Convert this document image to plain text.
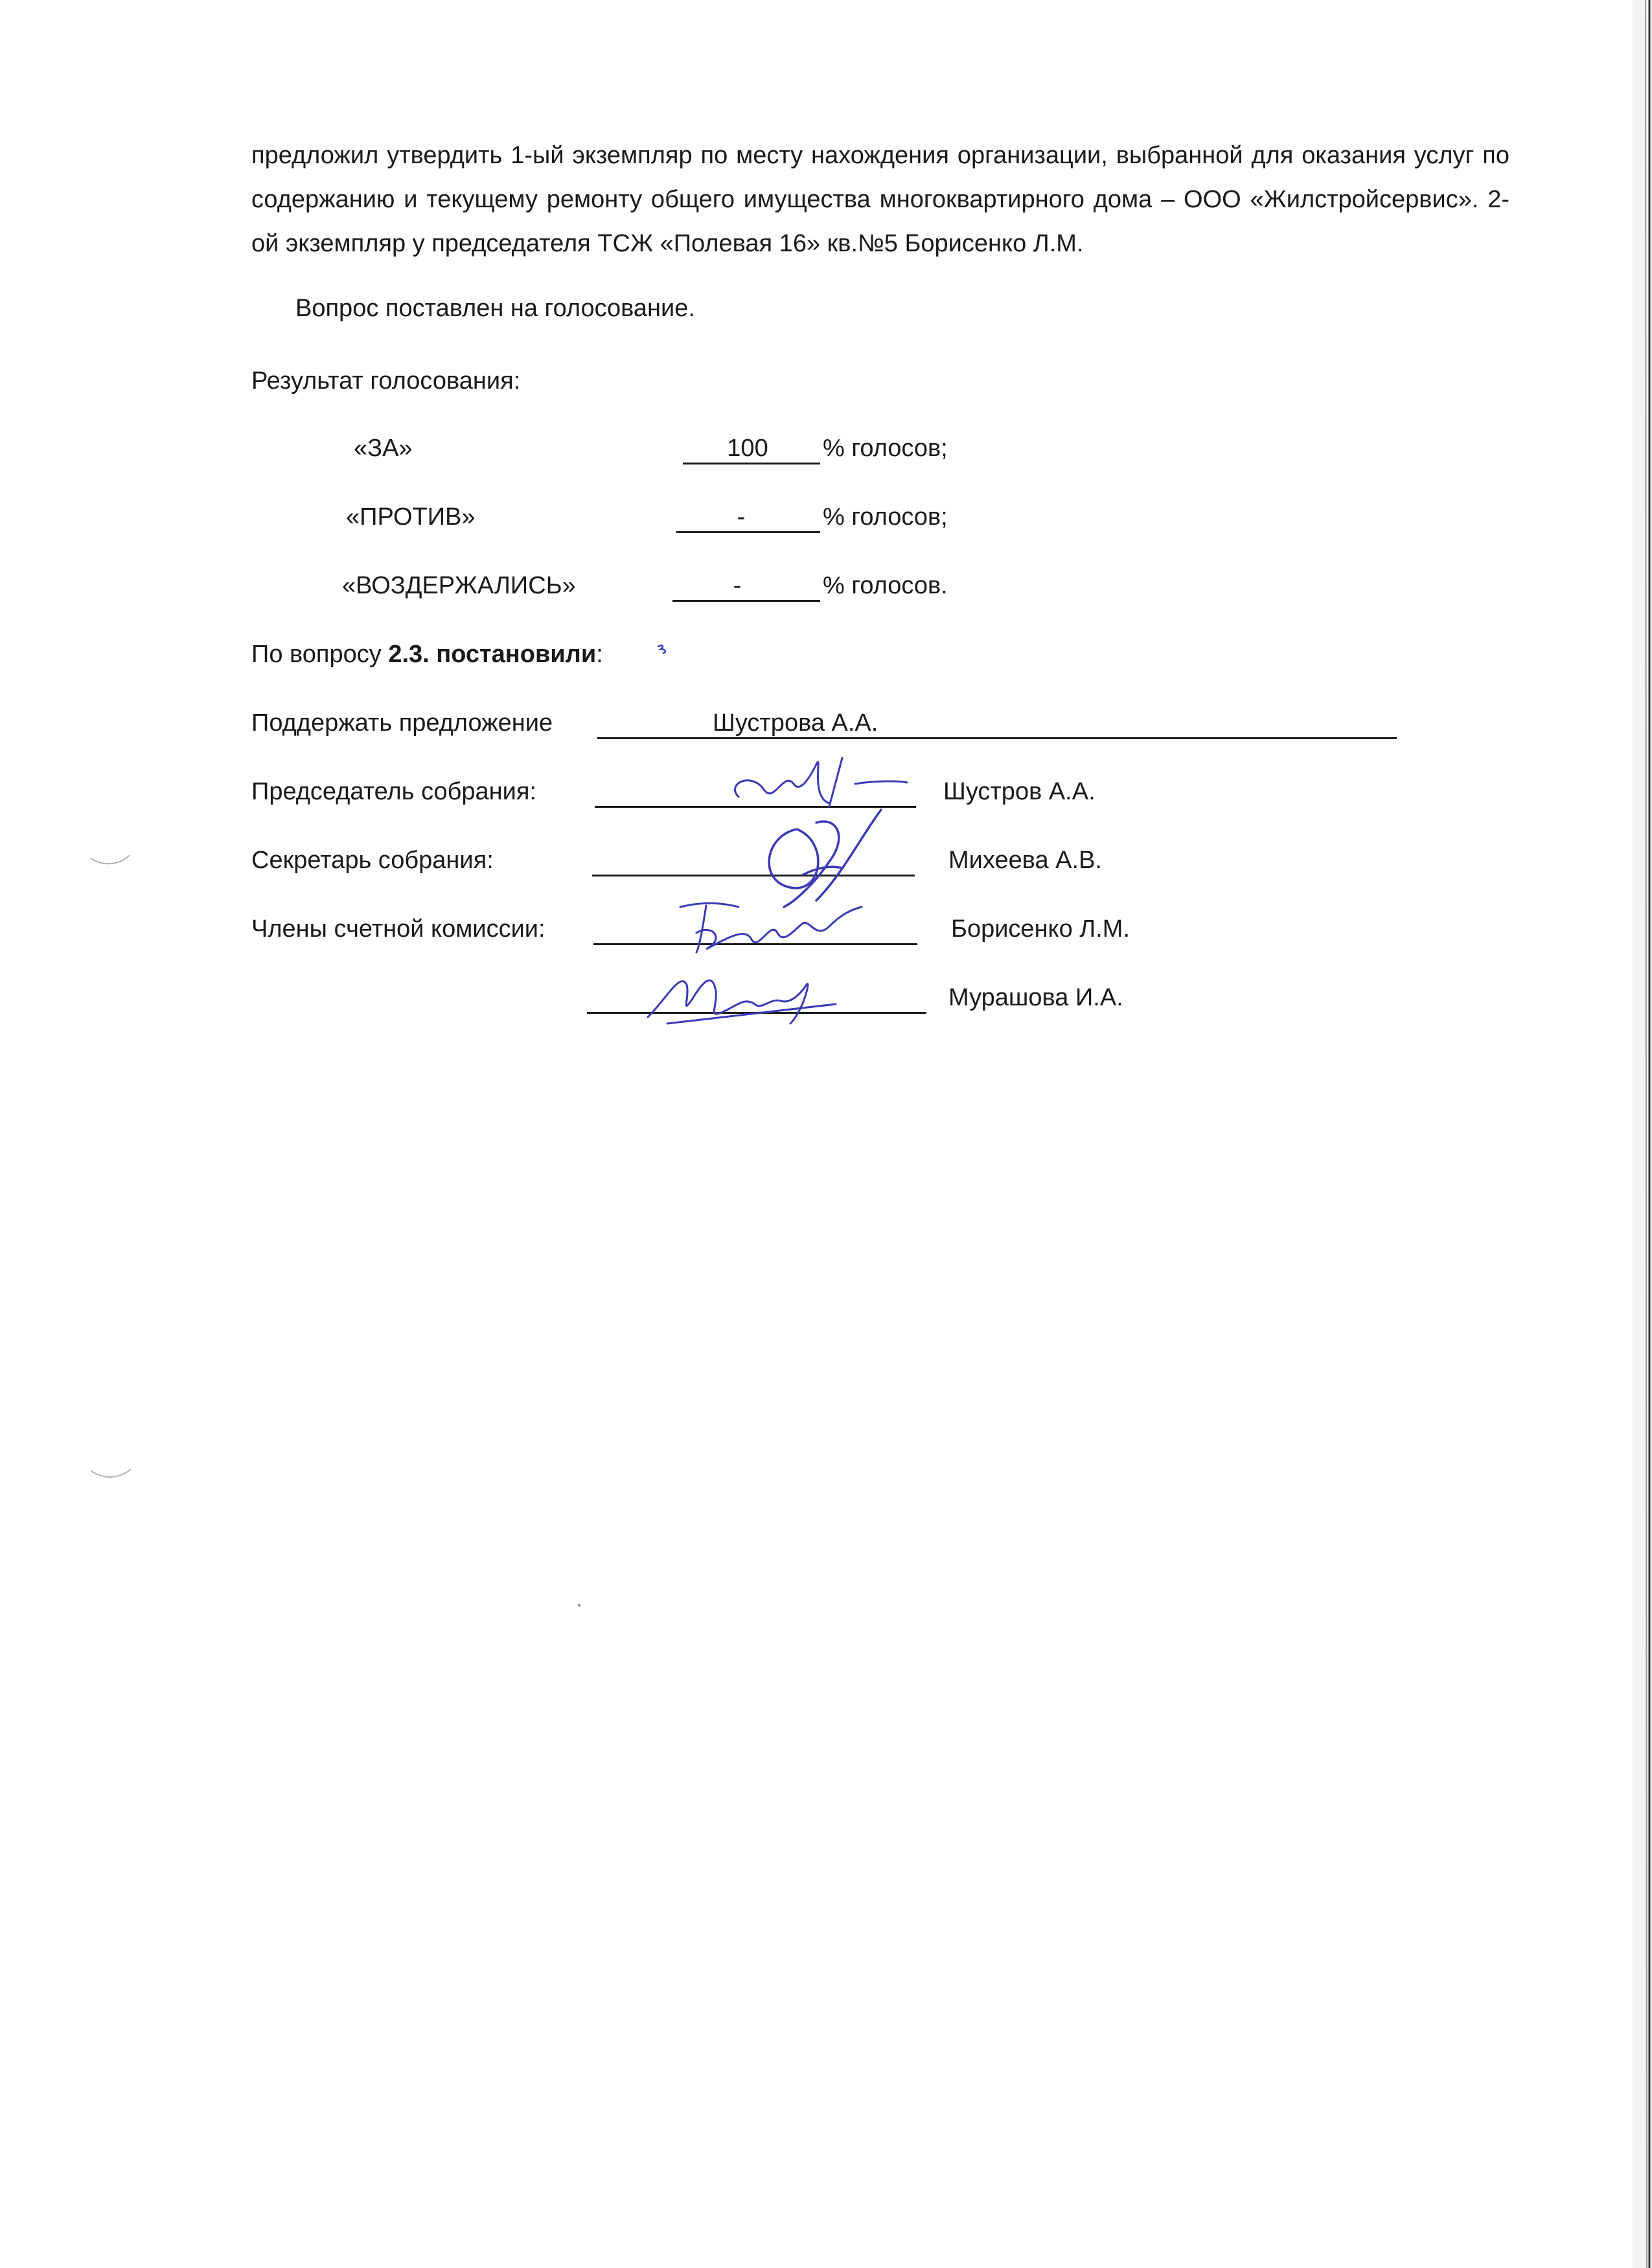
предложил утвердить 1-ый экземпляр по месту нахождения организации, выбранной для оказания услуг по содержанию и текущему ремонту общего имущества многоквартирного дома – ООО «Жилстройсервис». 2-ой экземпляр у председателя ТСЖ «Полевая 16» кв.№5 Борисенко Л.М.
Вопрос поставлен на голосование.
Результат голосования:
«ЗА»	100	% голосов;
«ПРОТИВ»	-	% голосов;
«ВОЗДЕРЖАЛИСЬ»	-	% голосов.
По вопросу 2.3. постановили:
Поддержать предложение	Шустрова А.А.
Председатель собрания:	Шустров А.А.
Секретарь собрания:	Михеева А.В.
Члены счетной комиссии:	Борисенко Л.М.
Мурашова И.А.
